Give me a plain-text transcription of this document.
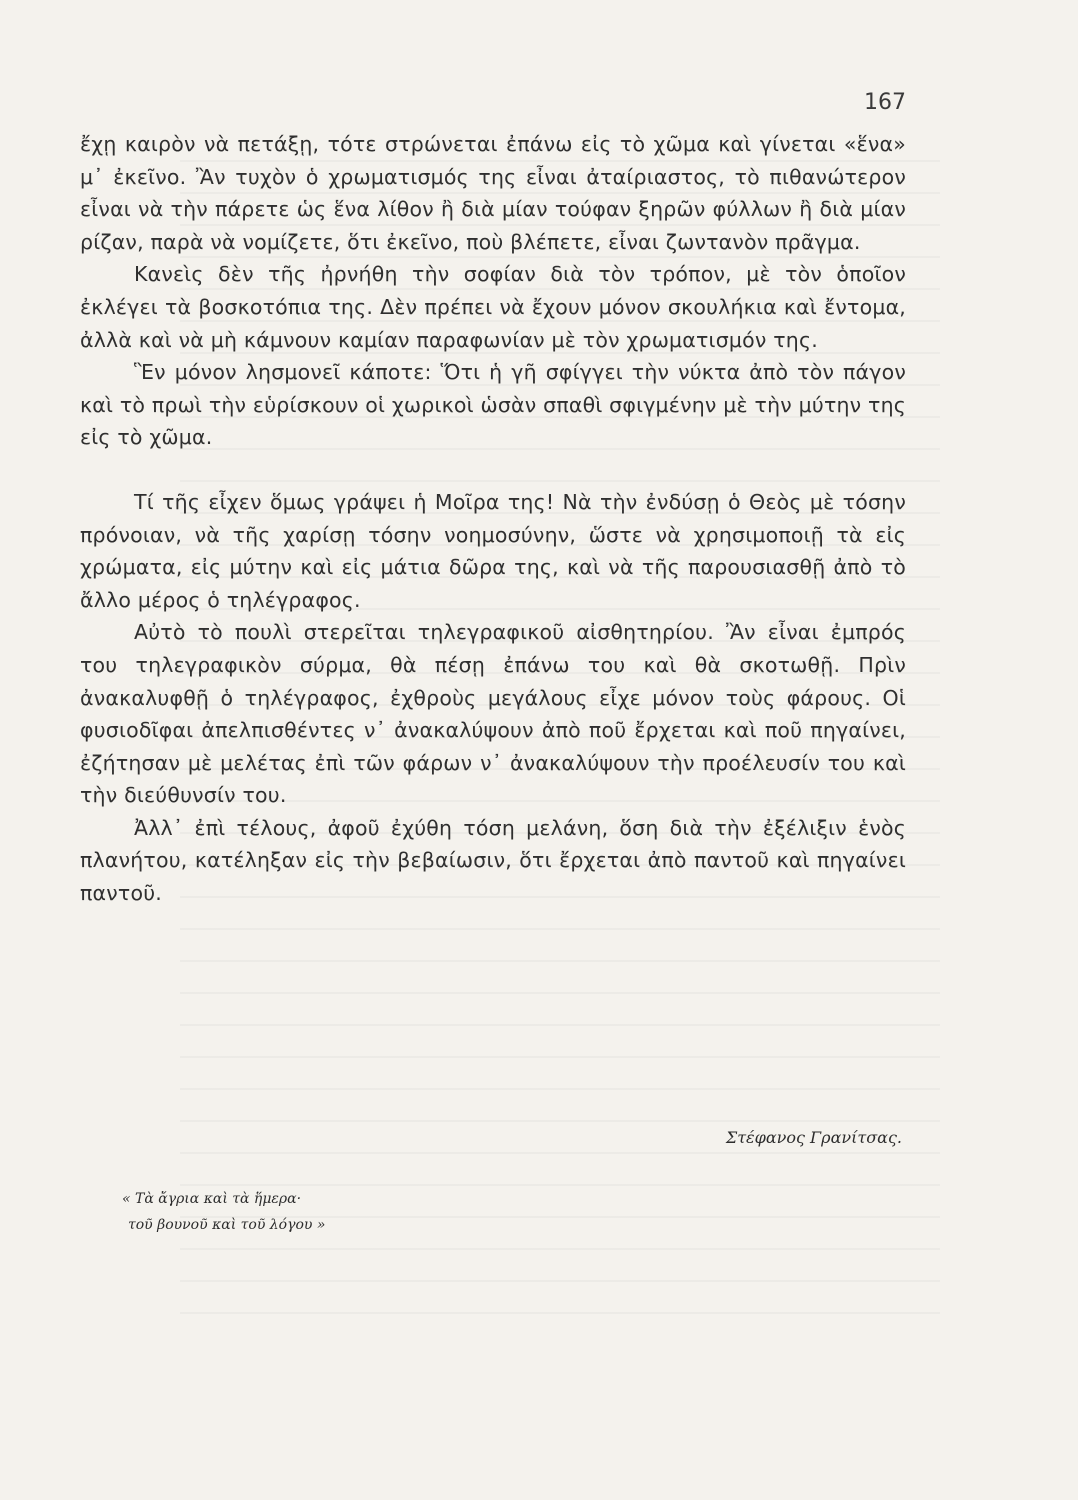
167

ἔχῃ καιρὸν νὰ πετάξῃ, τότε στρώνεται ἐπάνω εἰς τὸ χῶμα καὶ γίνεται «ἕνα» μ᾽ ἐκεῖνο. Ἂν τυχὸν ὁ χρωματισμός της εἶναι ἀταίριαστος, τὸ πιθανώτερον εἶναι νὰ τὴν πάρετε ὡς ἕνα λίθον ἢ διὰ μίαν τούφαν ξηρῶν φύλλων ἢ διὰ μίαν ρίζαν, παρὰ νὰ νομίζετε, ὅτι ἐκεῖνο, ποὺ βλέπετε, εἶναι ζωντανὸν πρᾶγμα.

Κανεὶς δὲν τῆς ἠρνήθη τὴν σοφίαν διὰ τὸν τρόπον, μὲ τὸν ὁποῖον ἐκλέγει τὰ βοσκοτόπια της. Δὲν πρέπει νὰ ἔχουν μόνον σκουλήκια καὶ ἔντομα, ἀλλὰ καὶ νὰ μὴ κάμνουν καμίαν παραφωνίαν μὲ τὸν χρωματισμόν της.

Ἓν μόνον λησμονεῖ κάποτε: Ὅτι ἡ γῆ σφίγγει τὴν νύκτα ἀπὸ τὸν πάγον καὶ τὸ πρωὶ τὴν εὑρίσκουν οἱ χωρικοὶ ὡσὰν σπαθὶ σφιγμένην μὲ τὴν μύτην της εἰς τὸ χῶμα.

Τί τῆς εἶχεν ὅμως γράψει ἡ Μοῖρα της! Νὰ τὴν ἐνδύσῃ ὁ Θεὸς μὲ τόσην πρόνοιαν, νὰ τῆς χαρίσῃ τόσην νοημοσύνην, ὥστε νὰ χρησιμοποιῇ τὰ εἰς χρώματα, εἰς μύτην καὶ εἰς μάτια δῶρα της, καὶ νὰ τῆς παρουσιασθῇ ἀπὸ τὸ ἄλλο μέρος ὁ τηλέγραφος.

Αὐτὸ τὸ πουλὶ στερεῖται τηλεγραφικοῦ αἰσθητηρίου. Ἂν εἶναι ἐμπρός του τηλεγραφικὸν σύρμα, θὰ πέσῃ ἐπάνω του καὶ θὰ σκοτωθῇ. Πρὶν ἀνακαλυφθῇ ὁ τηλέγραφος, ἐχθροὺς μεγάλους εἶχε μόνον τοὺς φάρους. Οἱ φυσιοδῖφαι ἀπελπισθέντες ν᾽ ἀνακαλύψουν ἀπὸ ποῦ ἔρχεται καὶ ποῦ πηγαίνει, ἐζήτησαν μὲ μελέτας ἐπὶ τῶν φάρων ν᾽ ἀνακαλύψουν τὴν προέλευσίν του καὶ τὴν διεύθυνσίν του.

Ἀλλ᾽ ἐπὶ τέλους, ἀφοῦ ἐχύθη τόση μελάνη, ὅση διὰ τὴν ἐξέλιξιν ἑνὸς πλανήτου, κατέληξαν εἰς τὴν βεβαίωσιν, ὅτι ἔρχεται ἀπὸ παντοῦ καὶ πηγαίνει παντοῦ.

Στέφανος Γρανίτσας.
« Τὰ ἄγρια καὶ τὰ ἥμερα·
τοῦ βουνοῦ καὶ τοῦ λόγου »
